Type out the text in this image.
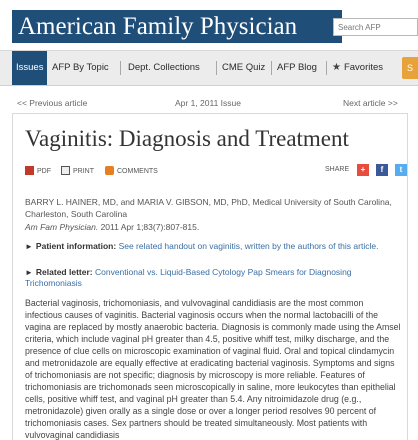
American Family Physician
Search AFP
Issues AFP By Topic Dept. Collections CME Quiz AFP Blog ★ Favorites	S
<< Previous article	Apr 1, 2011 Issue	Next article >>
Vaginitis: Diagnosis and Treatment
PDF	PRINT	COMMENTS	SHARE	+	f	t

BARRY L. HAINER, MD, and MARIA V. GIBSON, MD, PhD, Medical University of South Carolina, Charleston, South Carolina

Am Fam Physician. 2011 Apr 1;83(7):807-815.

► Patient information: See related handout on vaginitis, written by the authors of this article.

► Related letter: Conventional vs. Liquid-Based Cytology Pap Smears for Diagnosing Trichomoniasis

Bacterial vaginosis, trichomoniasis, and vulvovaginal candidiasis are the most common infectious causes of vaginitis. Bacterial vaginosis occurs when the normal lactobacilli of the vagina are replaced by mostly anaerobic bacteria. Diagnosis is commonly made using the Amsel criteria, which include vaginal pH greater than 4.5, positive whiff test, milky discharge, and the presence of clue cells on microscopic examination of vaginal fluid. Oral and topical clindamycin and metronidazole are equally effective at eradicating bacterial vaginosis. Symptoms and signs of trichomoniasis are not specific; diagnosis by microscopy is more reliable. Features of trichomoniasis are trichomonads seen microscopically in saline, more leukocytes than epithelial cells, positive whiff test, and vaginal pH greater than 5.4. Any nitroimidazole drug (e.g., metronidazole) given orally as a single dose or over a longer period resolves 90 percent of trichomoniasis cases. Sex partners should be treated simultaneously. Most patients with vulvovaginal candidiasis
